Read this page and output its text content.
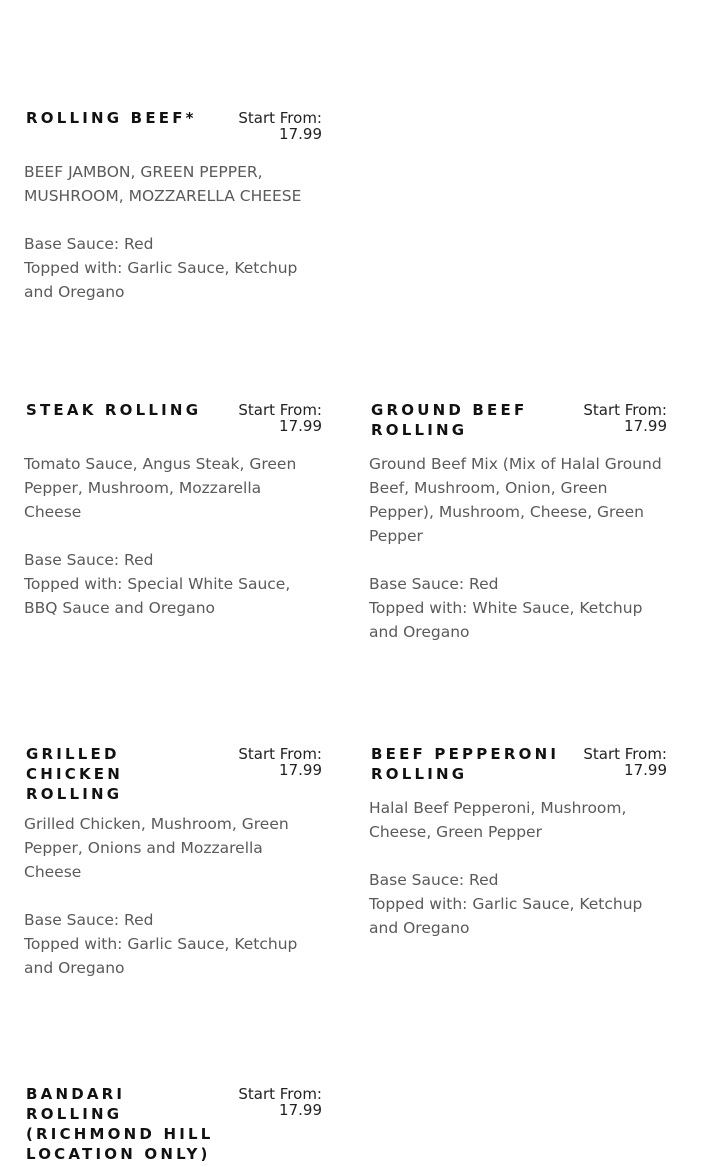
ROLLING BEEF*	Start From:
17.99
BEEF JAMBON, GREEN PEPPER, MUSHROOM, MOZZARELLA CHEESE
Base Sauce: Red
Topped with: Garlic Sauce, Ketchup and Oregano
STEAK ROLLING	Start From:
17.99
Tomato Sauce, Angus Steak, Green Pepper, Mushroom, Mozzarella Cheese
Base Sauce: Red
Topped with: Special White Sauce, BBQ Sauce and Oregano
GROUND BEEF ROLLING
Start From:
17.99
Ground Beef Mix (Mix of Halal Ground Beef, Mushroom, Onion, Green Pepper), Mushroom, Cheese, Green Pepper
Base Sauce: Red
Topped with: White Sauce, Ketchup and Oregano
GRILLED CHICKEN ROLLING
Start From:
17.99
Grilled Chicken, Mushroom, Green Pepper, Onions and Mozzarella Cheese
Base Sauce: Red
Topped with: Garlic Sauce, Ketchup and Oregano
BEEF PEPPERONI ROLLING
Start From:
17.99
Halal Beef Pepperoni, Mushroom, Cheese, Green Pepper
Base Sauce: Red
Topped with: Garlic Sauce, Ketchup and Oregano
BANDARI ROLLING (RICHMOND HILL LOCATION ONLY)
Start From:
17.99
